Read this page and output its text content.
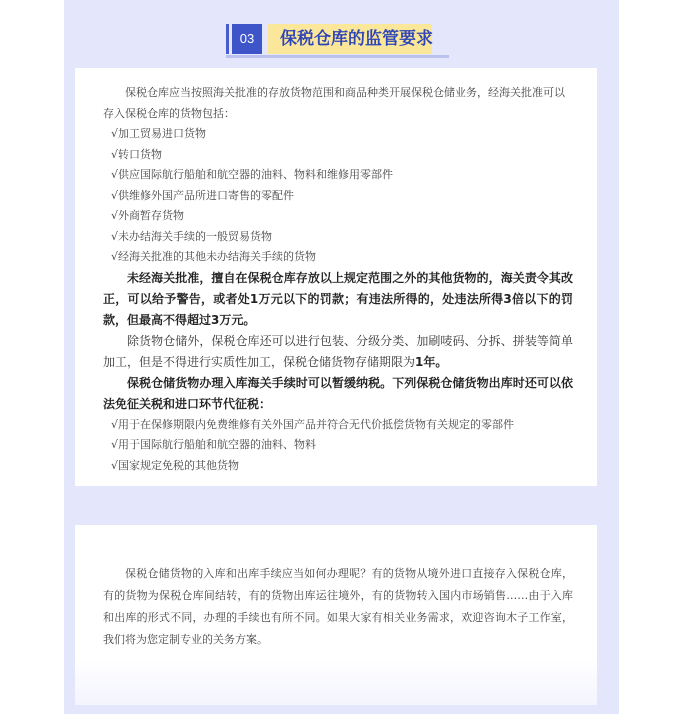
03	保税仓库的监管要求

保税仓库应当按照海关批准的存放货物范围和商品种类开展保税仓储业务，经海关批准可以存入保税仓库的货物包括：

√加工贸易进口货物

√转口货物

√供应国际航行船舶和航空器的油料、物料和维修用零部件

√供维修外国产品所进口寄售的零配件

√外商暂存货物

√未办结海关手续的一般贸易货物

√经海关批准的其他未办结海关手续的货物

未经海关批准，擅自在保税仓库存放以上规定范围之外的其他货物的，海关责令其改正，可以给予警告，或者处1万元以下的罚款；有违法所得的，处违法所得3倍以下的罚款，但最高不得超过3万元。

除货物仓储外，保税仓库还可以进行包装、分级分类、加刷唛码、分拆、拼装等简单加工，但是不得进行实质性加工，保税仓储货物存储期限为1年。

保税仓储货物办理入库海关手续时可以暂缓纳税。下列保税仓储货物出库时还可以依法免征关税和进口环节代征税：

√用于在保修期限内免费维修有关外国产品并符合无代价抵偿货物有关规定的零部件

√用于国际航行船舶和航空器的油料、物料

√国家规定免税的其他货物

保税仓储货物的入库和出库手续应当如何办理呢？有的货物从境外进口直接存入保税仓库，有的货物为保税仓库间结转，有的货物出库运往境外，有的货物转入国内市场销售……由于入库和出库的形式不同，办理的手续也有所不同。如果大家有相关业务需求，欢迎咨询木子工作室，我们将为您定制专业的关务方案。
